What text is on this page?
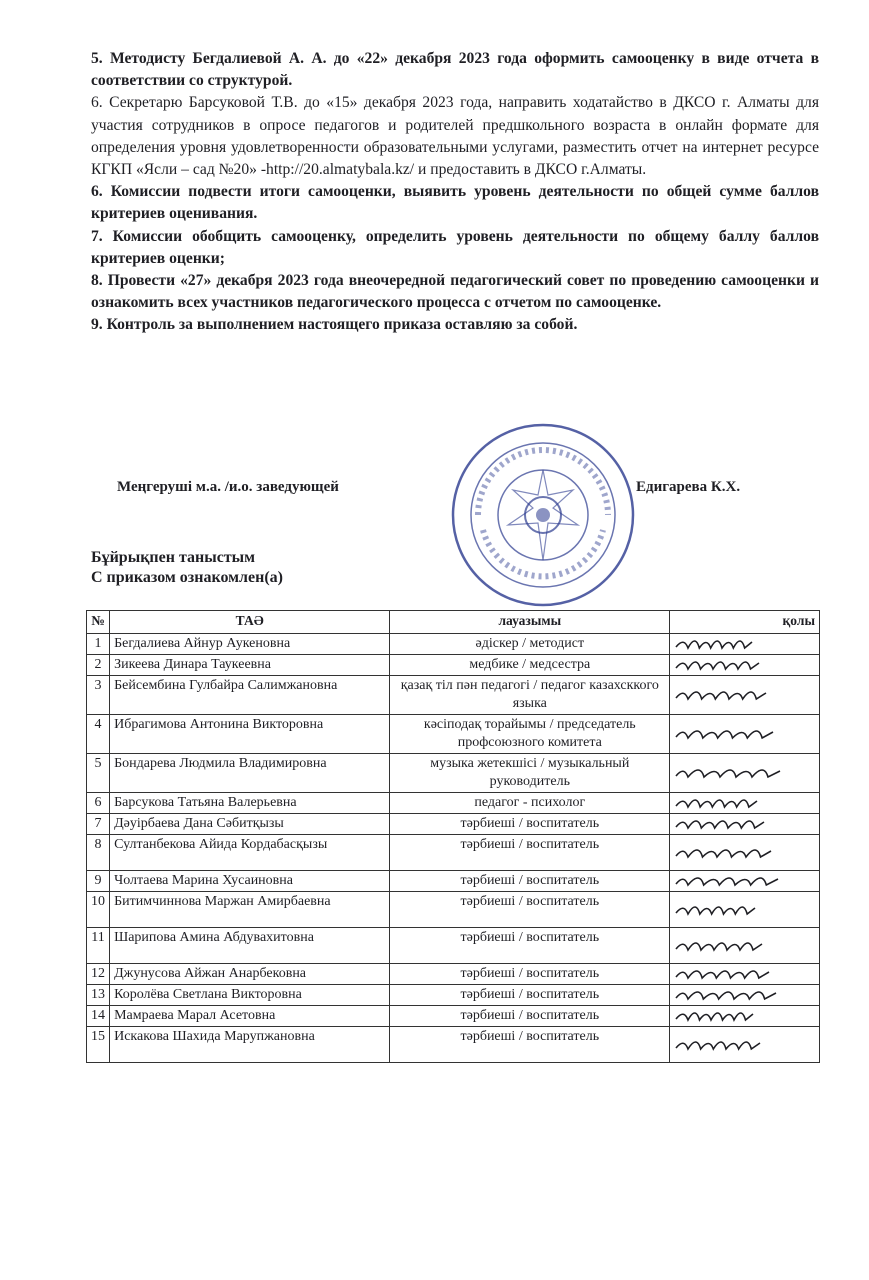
5. Методисту Бегдалиевой А. А. до «22» декабря 2023 года оформить самооценку в виде отчета в соответствии со структурой.

6. Секретарю Барсуковой Т.В. до «15» декабря 2023 года, направить ходатайство в ДКСО г. Алматы для участия сотрудников в опросе педагогов и родителей предшкольного возраста в онлайн формате для определения уровня удовлетворенности образовательными услугами, разместить отчет на интернет ресурсе КГКП «Ясли – сад №20» -http://20.almatybala.kz/ и предоставить в ДКСО г.Алматы.

6. Комиссии подвести итоги самооценки, выявить уровень деятельности по общей сумме баллов критериев оценивания.

7. Комиссии обобщить самооценку, определить уровень деятельности по общему баллу баллов критериев оценки;

8. Провести «27» декабря 2023 года внеочередной педагогический совет по проведению самооценки и ознакомить всех участников педагогического процесса с отчетом по самооценке.

9. Контроль за выполнением настоящего приказа оставляю за собой.

Меңгеруші м.а. /и.о. заведующей	Едигарева К.Х.
Бұйрықпен таныстым
С приказом ознакомлен(а)
№	ТАӘ	лауазымы	қолы
1	Бегдалиева Айнур Аукеновна	әдіскер / методист	

2	Зикеева Динара Таукеевна	медбике / медсестра	

3	Бейсембина Гулбайра Салимжановна	қазақ тіл пән педагогі / педагог казахсккого языка	

4	Ибрагимова Антонина Викторовна	кәсіподақ торайымы / председатель профсоюзного комитета	

5	Бондарева Людмила Владимировна	музыка жетекшісі / музыкальный руководитель	

6	Барсукова Татьяна Валерьевна	педагог - психолог	

7	Дәуірбаева Дана Сәбитқызы	тәрбиеші / воспитатель	

8	Султанбекова Айида Кордабасқызы	тәрбиеші / воспитатель	

9	Чолтаева Марина Хусаиновна	тәрбиеші / воспитатель	

10	Битимчиннова Маржан Амирбаевна	тәрбиеші / воспитатель	

11	Шарипова Амина Абдувахитовна	тәрбиеші / воспитатель	

12	Джунусова Айжан Анарбековна	тәрбиеші / воспитатель	

13	Королёва Светлана Викторовна	тәрбиеші / воспитатель	

14	Мамраева Марал Асетовна	тәрбиеші / воспитатель	

15	Искакова Шахида Марупжановна	тәрбиеші / воспитатель	
